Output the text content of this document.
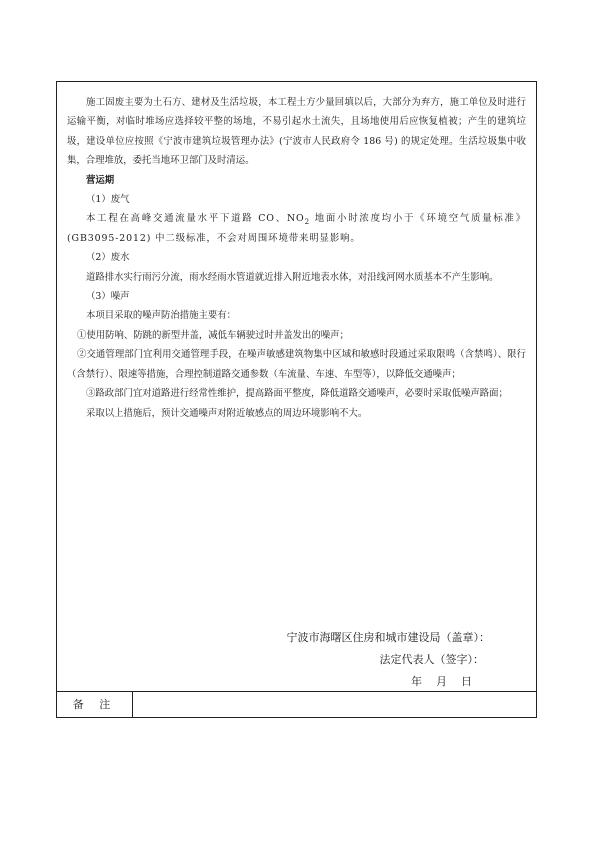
施工固废主要为土石方、建材及生活垃圾，本工程土方少量回填以后，大部分为弃方，施工单位及时进行运输平衡，对临时堆场应选择较平整的场地，不易引起水土流失，且场地使用后应恢复植被；产生的建筑垃圾，建设单位应按照《宁波市建筑垃圾管理办法》(宁波市人民政府令 186 号) 的规定处理。生活垃圾集中收集，合理堆放，委托当地环卫部门及时清运。

营运期

（1）废气

本工程在高峰交通流量水平下道路 CO、$NO_2$ 地面小时浓度均小于《环境空气质量标准》(GB3095-2012) 中二级标准，不会对周围环境带来明显影响。

（2）废水

道路排水实行雨污分流，雨水经雨水管道就近排入附近地表水体，对沿线河网水质基本不产生影响。

（3）噪声

本项目采取的噪声防治措施主要有：

①使用防响、防跳的新型井盖，减低车辆驶过时井盖发出的噪声；

②交通管理部门宜利用交通管理手段，在噪声敏感建筑物集中区域和敏感时段通过采取限鸣（含禁鸣）、限行（含禁行）、限速等措施，合理控制道路交通参数（车流量、车速、车型等），以降低交通噪声；

③路政部门宜对道路进行经常性维护，提高路面平整度，降低道路交通噪声，必要时采取低噪声路面；

采取以上措施后，预计交通噪声对附近敏感点的周边环境影响不大。

宁波市海曙区住房和城市建设局（盖章）：
法定代表人（签字）：
年    月    日
备 注
